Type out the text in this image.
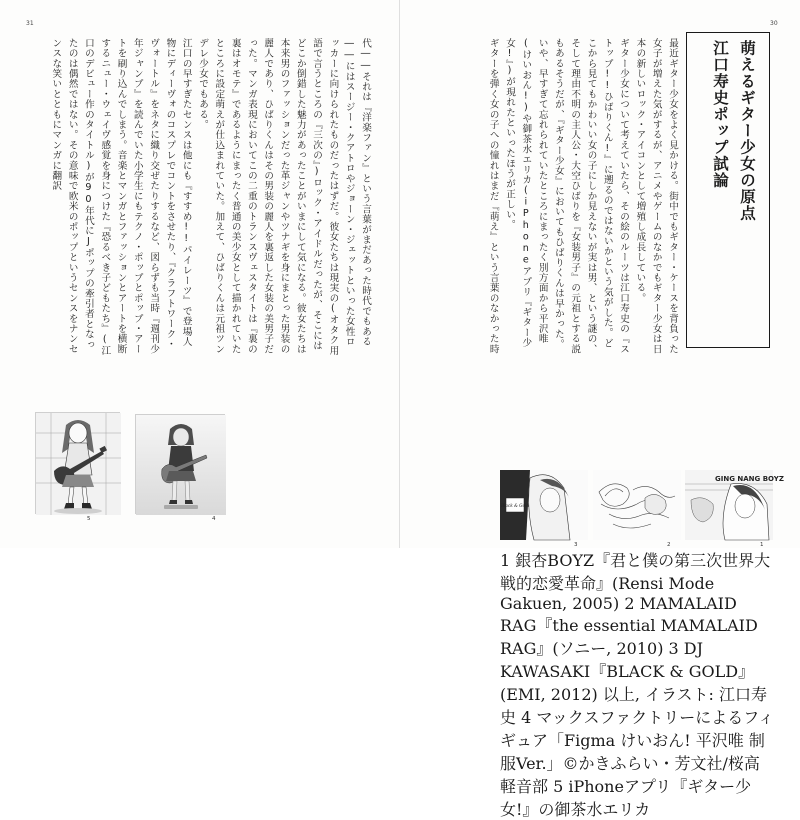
31
代――それは『洋楽ファン』という言葉がまだあった時代でもある――にはスージー・クアトロやジョーン・ジェットといった女性ロッカーに向けられたものだったはずだ。彼女たちは現実の(オタク用語で言うところの『三次の』)ロック・アイドルだったが、そこにはどこか倒錯した魅力があったことがいまにして気になる。彼女たちは本来男のファッションだった革ジャンやツナギを身にまとった男装の麗人であり、ひばりくんはその男装の麗人を裏返した女装の美男子だった。マンガ表現においてこの二重のトランスヴェスタイトは『裏の裏はオモテ』であるようにまったく普通の美少女として描かれていたところに設定萌えが仕込まれていた。加えて、ひばりくんは元祖ツンデレ少女でもある。
江口の早すぎたセンスは他にも『すすめ!!パイレーツ』で登場人物にディーヴォのコスプレでコントをさせたり、『クラフトワーク・ヴォートル』をネタに織り交ぜたりするなど、図らずも当時『週刊少年ジャンプ』を読んでいた小学生にもテクノ・ポップとポップ・アートを刷り込んでしまう。音楽とマンガとファッションとアートを横断するニュー・ウェイヴ感覚を身につけた『恐るべき子どもたち』(江口のデビュー作のタイトル)が90年代にJポップの牽引者となったのは偶然ではない。その意味で欧米のポップというセンスをナンセンスな笑いとともにマンガに翻訳
5	4
30
萌えるギター少女の原点
江口寿史ポップ試論
最近ギター少女をよく見かける。街中でもギター・ケースを背負った女子が増えた気がするが、アニメやゲームのなかでもギター少女は日本の新しいロック・アイコンとして増殖し成長している。
ギター少女について考えていたら、その絵のルーツは江口寿史の『ストップ!!ひばりくん!』に遡るのではないかという気がした。どこから見てもかわいい女の子にしか見えないが実は男、という謎の、そして理由不明の主人公・大空ひばりを『女装男子』の元祖とする説もあるそうだが、『ギター少女』においてもひばりくんは早かった。いや、早すぎて忘れられていたところにまったく別方面から平沢唯(けいおん!)や御茶水エリカ(iPhoneアプリ『ギター少女!』)が現れたといったほうが正しい。
ギターを弾く女の子への憧れはまだ『萌え』という言葉のなかった時
Black & Gold
3	2
GING NANG BOYZ
1
1 銀杏BOYZ『君と僕の第三次世界大戦的恋愛革命』(Rensi Mode Gakuen, 2005) 2 MAMALAID RAG『the essential MAMALAID RAG』(ソニー, 2010) 3 DJ KAWASAKI『BLACK & GOLD』(EMI, 2012) 以上, イラスト: 江口寿史 4 マックスファクトリーによるフィギュア「Figma けいおん! 平沢唯 制服Ver.」©かきふらい・芳文社/桜高軽音部 5 iPhoneアプリ『ギター少女!』の御茶水エリカ
